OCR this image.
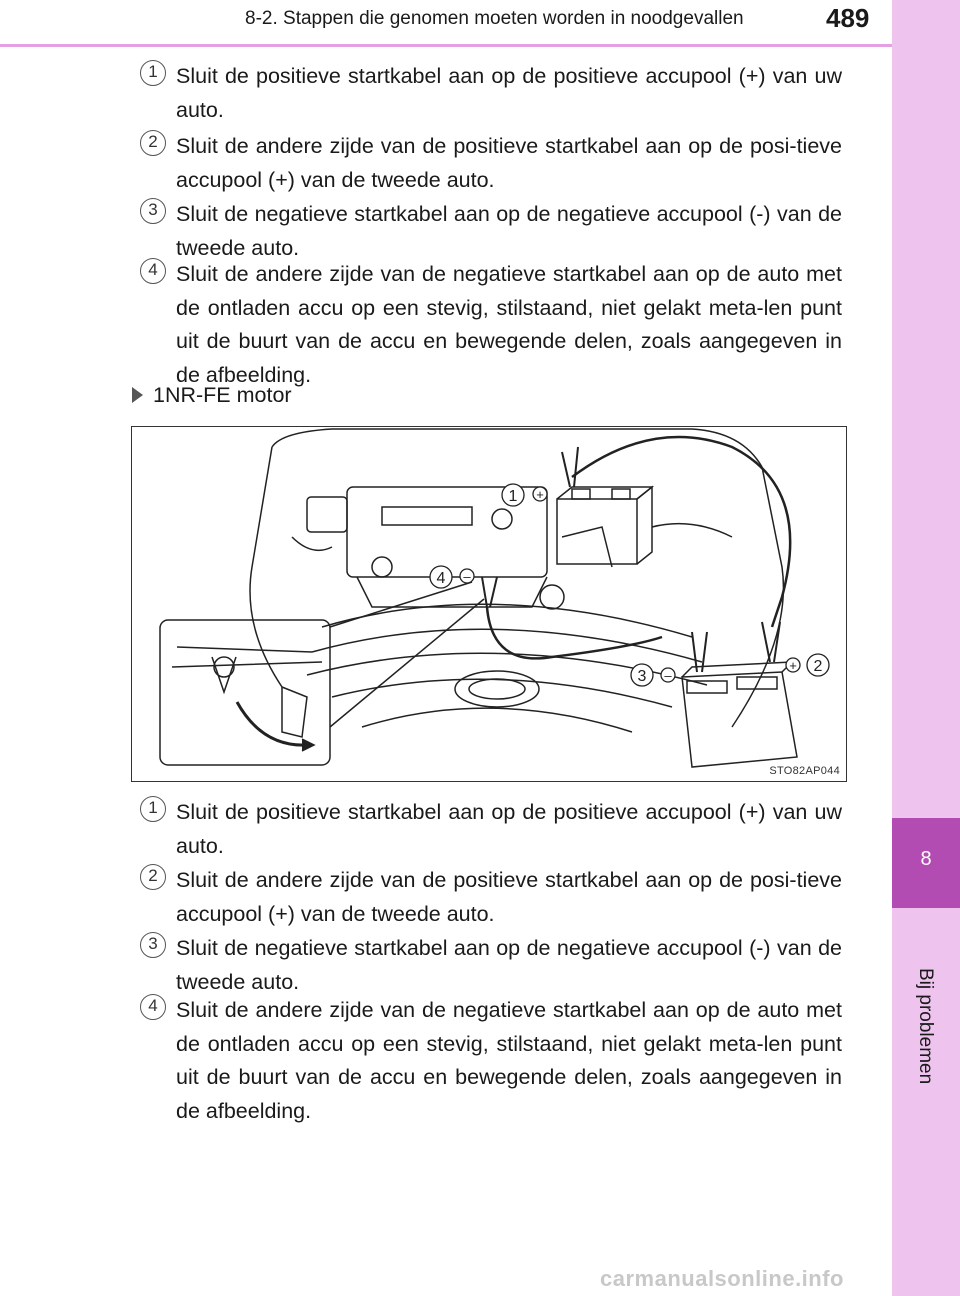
8-2. Stappen die genomen moeten worden in noodgevallen	489
8
Bij problemen
1 Sluit de positieve startkabel aan op de positieve accupool (+) van uw auto.
2 Sluit de andere zijde van de positieve startkabel aan op de posi-tieve accupool (+) van de tweede auto.
3 Sluit de negatieve startkabel aan op de negatieve accupool (-) van de tweede auto.
4 Sluit de andere zijde van de negatieve startkabel aan op de auto met de ontladen accu op een stevig, stilstaand, niet gelakt meta-len punt uit de buurt van de accu en bewegende delen, zoals aangegeven in de afbeelding.
1NR-FE motor
1 +
2
+
3 –
4 –
STO82AP044
1 Sluit de positieve startkabel aan op de positieve accupool (+) van uw auto.
2 Sluit de andere zijde van de positieve startkabel aan op de posi-tieve accupool (+) van de tweede auto.
3 Sluit de negatieve startkabel aan op de negatieve accupool (-) van de tweede auto.
4 Sluit de andere zijde van de negatieve startkabel aan op de auto met de ontladen accu op een stevig, stilstaand, niet gelakt meta-len punt uit de buurt van de accu en bewegende delen, zoals aangegeven in de afbeelding.
carmanualsonline.info
